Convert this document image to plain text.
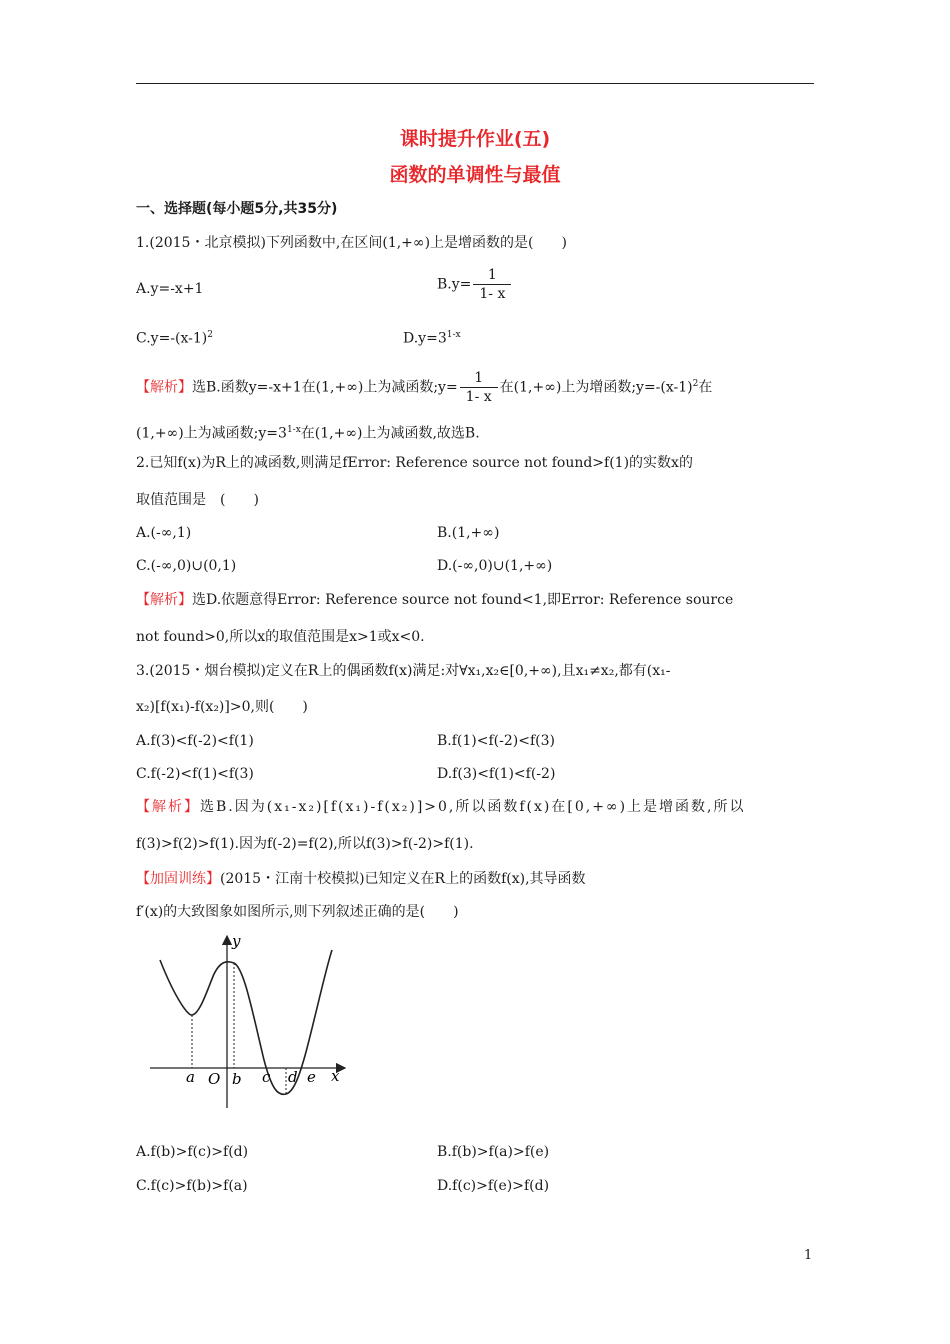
课时提升作业(五)
函数的单调性与最值
一、选择题(每小题5分,共35分)
1.(2015・北京模拟)下列函数中,在区间(1,+∞)上是增函数的是(　　)
A.y=-x+1	$B.y= \frac{1}{1- x}$
$C.y=-(x-1)^2$	$D.y=3^{1-x}$
【解析】选B.函数y=-x+1在(1,+∞)上为减函数;y= $\frac{1}{1- x}$ 在(1,+∞)上为增函数$;y=-(x-1)^2$在
(1,+∞)上为减函数$;y=3^{1-x}$在(1,+∞)上为减函数,故选B.
2.已知f(x)为R上的减函数,则满足fError: Reference source not found>f(1)的实数x的
取值范围是　(　　)
A.(-∞,1)	B.(1,+∞)
C.(-∞,0)∪(0,1)	D.(-∞,0)∪(1,+∞)
【解析】选D.依题意得Error: Reference source not found<1,即Error: Reference source
not found>0,所以x的取值范围是x>1或x<0.
3.(2015・烟台模拟)定义在R上的偶函数f(x)满足:对∀x₁,x₂∈[0,+∞),且x₁≠x₂,都有(x₁-
x₂)[f(x₁)-f(x₂)]>0,则(　　)
A.f(3)<f(-2)<f(1)	B.f(1)<f(-2)<f(3)
C.f(-2)<f(1)<f(3)	D.f(3)<f(1)<f(-2)
【解析】选B.因为(x₁-x₂)[f(x₁)-f(x₂)]>0,所以函数f(x)在[0,+∞)上是增函数,所以
f(3)>f(2)>f(1).因为f(-2)=f(2),所以f(3)>f(-2)>f(1).
【加固训练】(2015・江南十校模拟)已知定义在R上的函数f(x),其导函数
f′(x)的大致图象如图所示,则下列叙述正确的是(　　)
y
x
a O b c d e
A.f(b)>f(c)>f(d)	B.f(b)>f(a)>f(e)
C.f(c)>f(b)>f(a)	D.f(c)>f(e)>f(d)
1
